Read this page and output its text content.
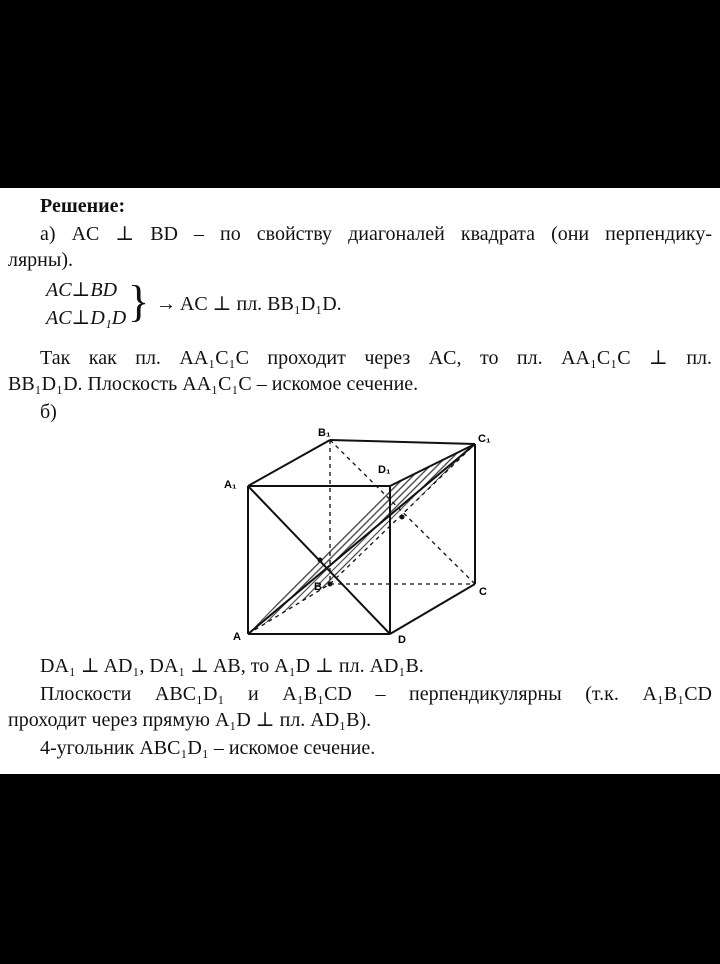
Решение:
а) AC ⊥ BD – по свойству диагоналей квадрата (они перпендику-
лярны).
AC⊥BD
AC⊥D₁D } → AC ⊥ пл. BB₁D₁D.
Так как пл. AA₁C₁C проходит через AC, то пл. AA₁C₁C ⊥ пл.
BB₁D₁D. Плоскость AA₁C₁C – искомое сечение.
б)
A
B	C
D
A₁
B₁	C₁
D₁
DA₁ ⊥ AD₁, DA₁ ⊥ AB, то A₁D ⊥ пл. AD₁B.
Плоскости ABC₁D₁ и A₁B₁CD – перпендикулярны (т.к. A₁B₁CD
проходит через прямую A₁D ⊥ пл. AD₁B).
4-угольник ABC₁D₁ – искомое сечение.
